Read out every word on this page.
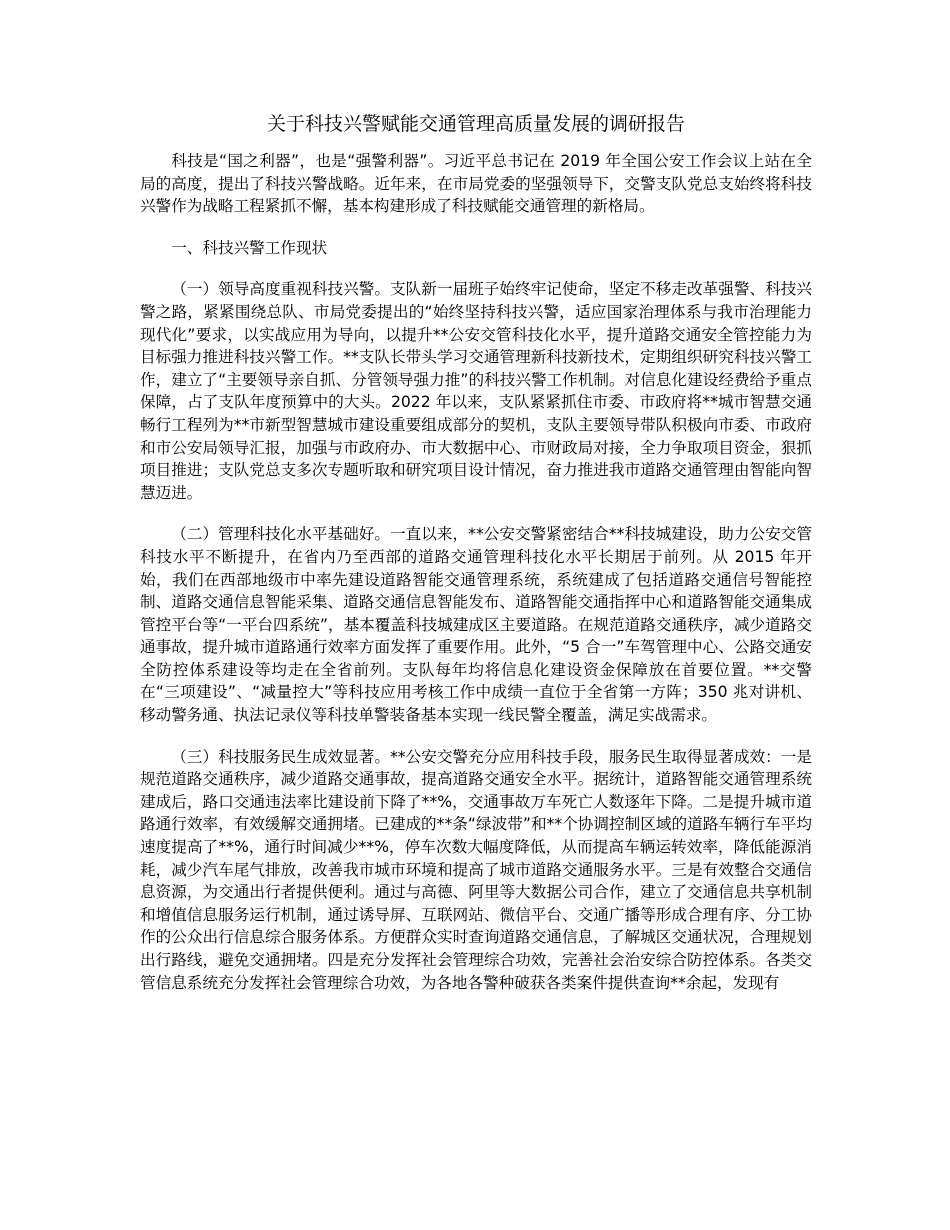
关于科技兴警赋能交通管理高质量发展的调研报告

科技是“国之利器”，也是“强警利器”。习近平总书记在 2019 年全国公安工作会议上站在全局的高度，提出了科技兴警战略。近年来，在市局党委的坚强领导下，交警支队党总支始终将科技兴警作为战略工程紧抓不懈，基本构建形成了科技赋能交通管理的新格局。

一、科技兴警工作现状

（一）领导高度重视科技兴警。支队新一届班子始终牢记使命，坚定不移走改革强警、科技兴警之路，紧紧围绕总队、市局党委提出的“始终坚持科技兴警，适应国家治理体系与我市治理能力现代化”要求，以实战应用为导向，以提升**公安交管科技化水平，提升道路交通安全管控能力为目标强力推进科技兴警工作。**支队长带头学习交通管理新科技新技术，定期组织研究科技兴警工作，建立了“主要领导亲自抓、分管领导强力推”的科技兴警工作机制。对信息化建设经费给予重点保障，占了支队年度预算中的大头。2022 年以来，支队紧紧抓住市委、市政府将**城市智慧交通畅行工程列为**市新型智慧城市建设重要组成部分的契机，支队主要领导带队积极向市委、市政府和市公安局领导汇报，加强与市政府办、市大数据中心、市财政局对接，全力争取项目资金，狠抓项目推进；支队党总支多次专题听取和研究项目设计情况，奋力推进我市道路交通管理由智能向智慧迈进。

（二）管理科技化水平基础好。一直以来，**公安交警紧密结合**科技城建设，助力公安交管科技水平不断提升，在省内乃至西部的道路交通管理科技化水平长期居于前列。从 2015 年开始，我们在西部地级市中率先建设道路智能交通管理系统，系统建成了包括道路交通信号智能控制、道路交通信息智能采集、道路交通信息智能发布、道路智能交通指挥中心和道路智能交通集成管控平台等“一平台四系统”，基本覆盖科技城建成区主要道路。在规范道路交通秩序，减少道路交通事故，提升城市道路通行效率方面发挥了重要作用。此外，“5 合一”车驾管理中心、公路交通安全防控体系建设等均走在全省前列。支队每年均将信息化建设资金保障放在首要位置。**交警在“三项建设”、“减量控大”等科技应用考核工作中成绩一直位于全省第一方阵；350 兆对讲机、移动警务通、执法记录仪等科技单警装备基本实现一线民警全覆盖，满足实战需求。

（三）科技服务民生成效显著。**公安交警充分应用科技手段，服务民生取得显著成效：一是规范道路交通秩序，减少道路交通事故，提高道路交通安全水平。据统计，道路智能交通管理系统建成后，路口交通违法率比建设前下降了**%，交通事故万车死亡人数逐年下降。二是提升城市道路通行效率，有效缓解交通拥堵。已建成的**条“绿波带”和**个协调控制区域的道路车辆行车平均速度提高了**%，通行时间减少**%，停车次数大幅度降低，从而提高车辆运转效率，降低能源消耗，减少汽车尾气排放，改善我市城市环境和提高了城市道路交通服务水平。三是有效整合交通信息资源，为交通出行者提供便利。通过与高德、阿里等大数据公司合作，建立了交通信息共享机制和增值信息服务运行机制，通过诱导屏、互联网站、微信平台、交通广播等形成合理有序、分工协作的公众出行信息综合服务体系。方便群众实时查询道路交通信息，了解城区交通状况，合理规划出行路线，避免交通拥堵。四是充分发挥社会管理综合功效，完善社会治安综合防控体系。各类交管信息系统充分发挥社会管理综合功效，为各地各警种破获各类案件提供查询**余起，发现有
